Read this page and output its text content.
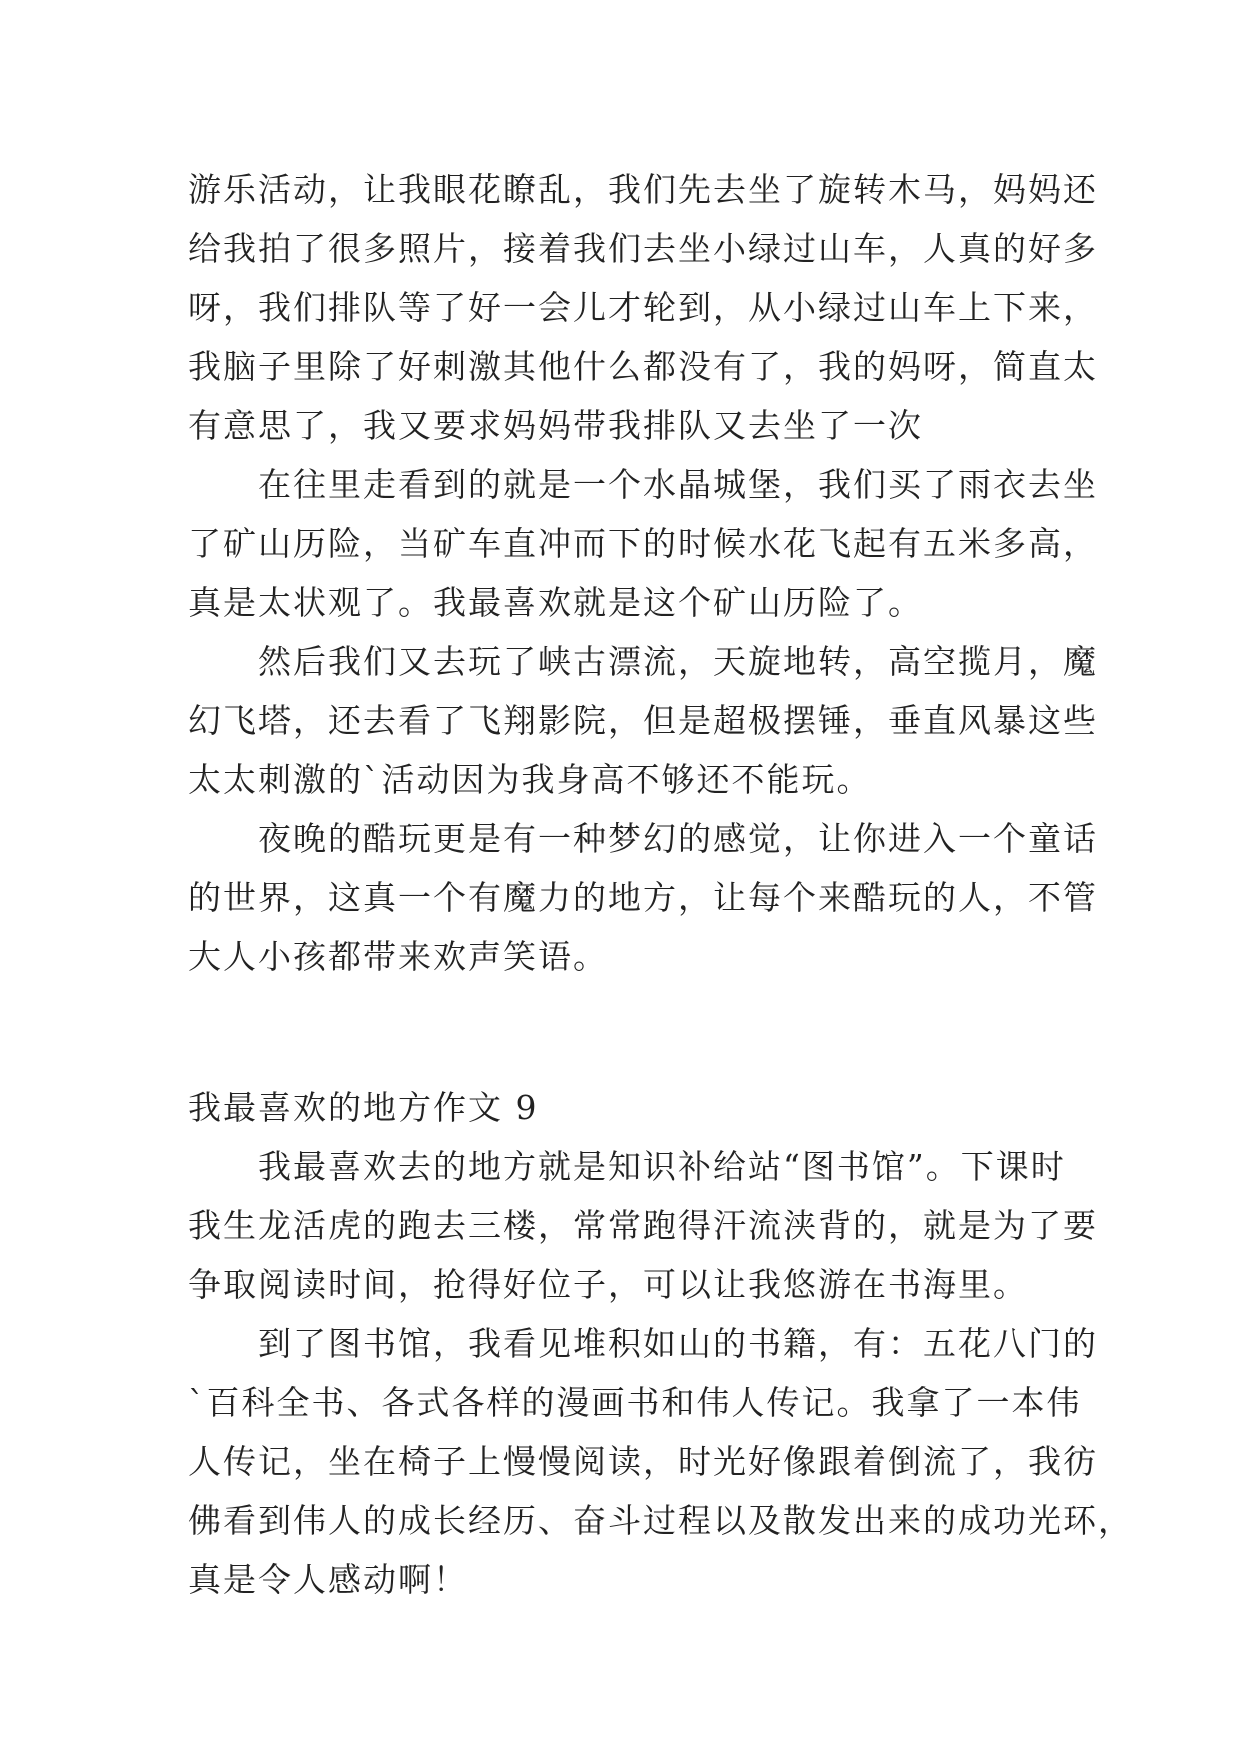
游乐活动，让我眼花瞭乱，我们先去坐了旋转木马，妈妈还
给我拍了很多照片，接着我们去坐小绿过山车，人真的好多
呀，我们排队等了好一会儿才轮到，从小绿过山车上下来，
我脑子里除了好刺激其他什么都没有了，我的妈呀，简直太
有意思了，我又要求妈妈带我排队又去坐了一次
在往里走看到的就是一个水晶城堡，我们买了雨衣去坐
了矿山历险，当矿车直冲而下的时候水花飞起有五米多高，
真是太状观了。我最喜欢就是这个矿山历险了。
然后我们又去玩了峡古漂流，天旋地转，高空揽月，魔
幻飞塔，还去看了飞翔影院，但是超极摆锤，垂直风暴这些
太太刺激的`活动因为我身高不够还不能玩。
夜晚的酷玩更是有一种梦幻的感觉，让你进入一个童话
的世界，这真一个有魔力的地方，让每个来酷玩的人，不管
大人小孩都带来欢声笑语。
我最喜欢的地方作文 9
我最喜欢去的地方就是知识补给站“图书馆”。下课时
我生龙活虎的跑去三楼，常常跑得汗流浃背的，就是为了要
争取阅读时间，抢得好位子，可以让我悠游在书海里。
到了图书馆，我看见堆积如山的书籍，有：五花八门的
`百科全书、各式各样的漫画书和伟人传记。我拿了一本伟
人传记，坐在椅子上慢慢阅读，时光好像跟着倒流了，我彷
佛看到伟人的成长经历、奋斗过程以及散发出来的成功光环，
真是令人感动啊！
